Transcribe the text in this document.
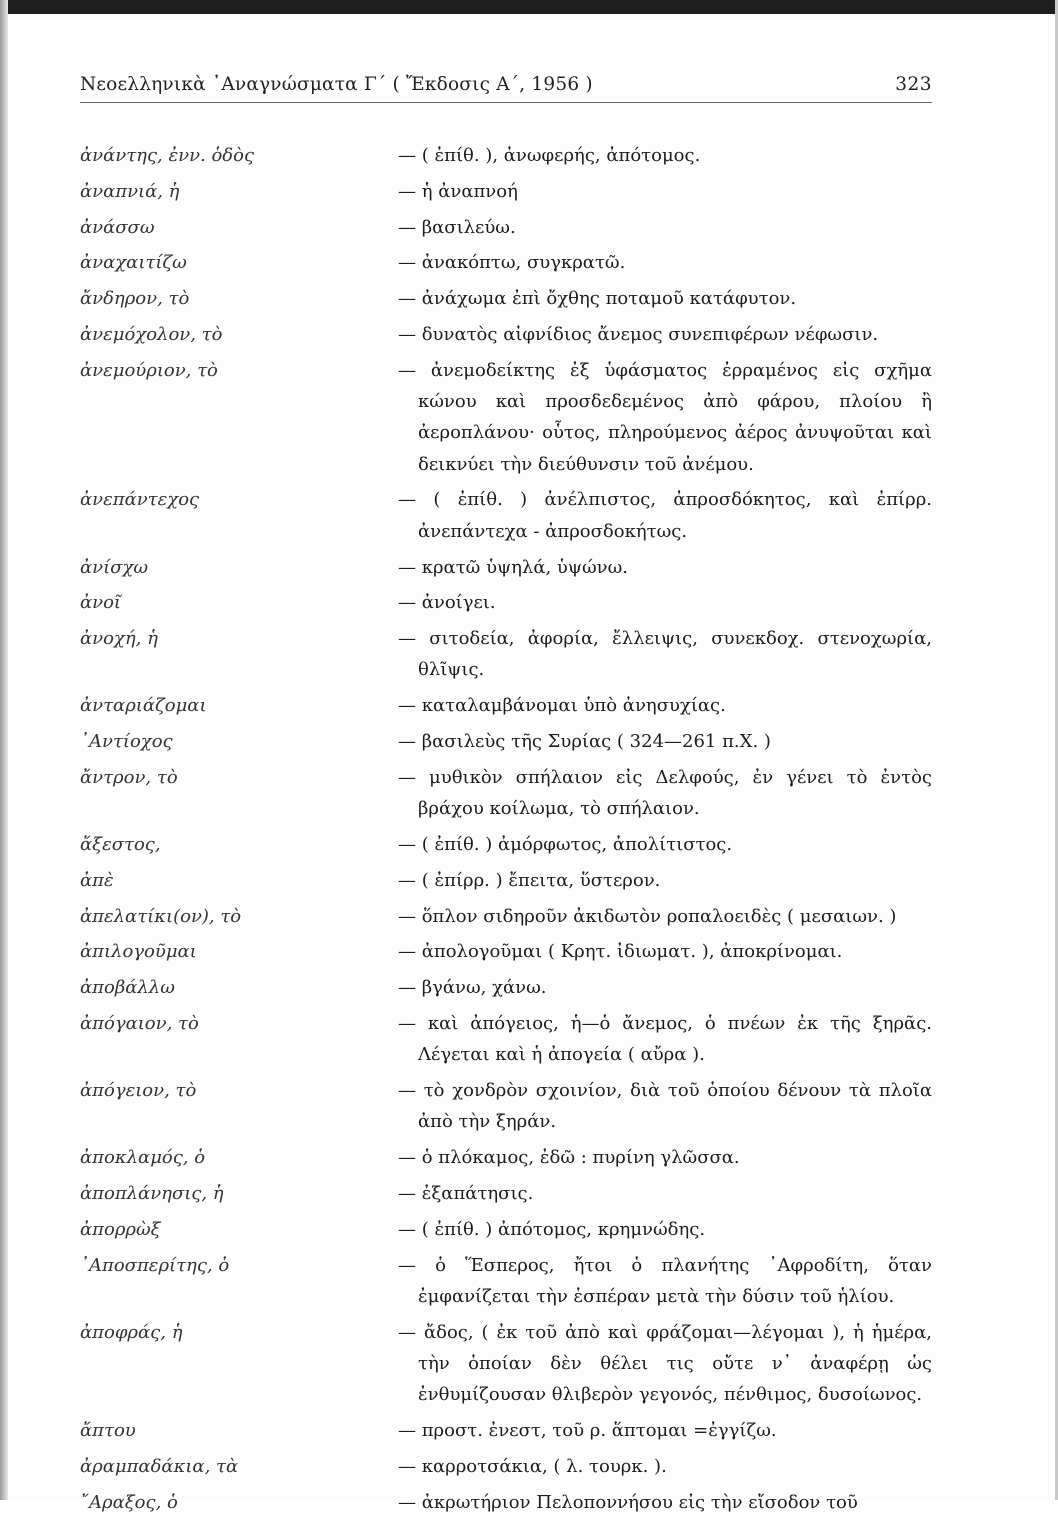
Νεοελληνικὰ ᾿Αναγνώσματα Γ΄ ( Ἔκδοσις Α΄, 1956 )	323
ἀνάντης, ἐνν. ὁδὸς	— ( ἐπίθ. ), ἀνωφερής, ἀπότομος.
ἀναπνιά, ἡ	— ἡ ἀναπνοή
ἀνάσσω	— βασιλεύω.
ἀναχαιτίζω	— ἀνακόπτω, συγκρατῶ.
ἄνδηρον, τὸ	— ἀνάχωμα ἐπὶ ὄχθης ποταμοῦ κατάφυτον.
ἀνεμόχολον, τὸ	— δυνατὸς αἰφνίδιος ἄνεμος συνεπιφέρων νέφωσιν.
ἀνεμούριον, τὸ	— ἀνεμοδείκτης ἐξ ὑφάσματος ἐρραμένος εἰς σχῆμα κώνου καὶ προσδεδεμένος ἀπὸ φάρου, πλοίου ἢ ἀεροπλάνου· οὗτος, πληρούμενος ἀέρος ἀνυψοῦται καὶ δεικνύει τὴν διεύθυνσιν τοῦ ἀνέμου.
ἀνεπάντεχος	— ( ἐπίθ. ) ἀνέλπιστος, ἀπροσδόκητος, καὶ ἐπίρρ. ἀνεπάντεχα - ἀπροσδοκήτως.
ἀνίσχω	— κρατῶ ὑψηλά, ὑψώνω.
ἀνοῖ	— ἀνοίγει.
ἀνοχή, ἡ	— σιτοδεία, ἀφορία, ἔλλειψις, συνεκδοχ. στενοχωρία, θλῖψις.
ἀνταριάζομαι	— καταλαμβάνομαι ὑπὸ ἀνησυχίας.
᾿Αντίοχος	— βασιλεὺς τῆς Συρίας ( 324—261 π.Χ. )
ἄντρον, τὸ	— μυθικὸν σπήλαιον εἰς Δελφούς, ἐν γένει τὸ ἐντὸς βράχου κοίλωμα, τὸ σπήλαιον.
ἄξεστος,	— ( ἐπίθ. ) ἀμόρφωτος, ἀπολίτιστος.
ἀπὲ	— ( ἐπίρρ. ) ἔπειτα, ὕστερον.
ἀπελατίκι(ον), τὸ	— ὅπλον σιδηροῦν ἀκιδωτὸν ροπαλοειδὲς ( μεσαιων. )
ἀπιλογοῦμαι	— ἀπολογοῦμαι ( Κρητ. ἰδιωματ. ), ἀποκρίνομαι.
ἀποβάλλω	— βγάνω, χάνω.
ἀπόγαιον, τὸ	— καὶ ἀπόγειος, ἡ—ὁ ἄνεμος, ὁ πνέων ἐκ τῆς ξηρᾶς. Λέγεται καὶ ἡ ἀπογεία ( αὔρα ).
ἀπόγειον, τὸ	— τὸ χονδρὸν σχοινίον, διὰ τοῦ ὁποίου δένουν τὰ πλοῖα ἀπὸ τὴν ξηράν.
ἀποκλαμός, ὁ	— ὁ πλόκαμος, ἐδῶ : πυρίνη γλῶσσα.
ἀποπλάνησις, ἡ	— ἐξαπάτησις.
ἀπορρὼξ	— ( ἐπίθ. ) ἀπότομος, κρημνώδης.
᾿Αποσπερίτης, ὁ	— ὁ Ἕσπερος, ἤτοι ὁ πλανήτης ᾿Αφροδίτη, ὅταν ἐμφανίζεται τὴν ἑσπέραν μετὰ τὴν δύσιν τοῦ ἡλίου.
ἀποφράς, ἡ	— ἄδος, ( ἐκ τοῦ ἀπὸ καὶ φράζομαι—λέγομαι ), ἡ ἡμέρα, τὴν ὁποίαν δὲν θέλει τις οὔτε ν᾿ ἀναφέρῃ ὡς ἐνθυμίζουσαν θλιβερὸν γεγονός, πένθιμος, δυσοίωνος.
ἄπτου	— προστ. ἐνεστ, τοῦ ρ. ἅπτομαι =ἐγγίζω.
ἀραμπαδάκια, τὰ	— καρροτσάκια, ( λ. τουρκ. ).
῎Αραξος, ὁ	— ἀκρωτήριον Πελοποννήσου εἰς τὴν εἴσοδον τοῦ
